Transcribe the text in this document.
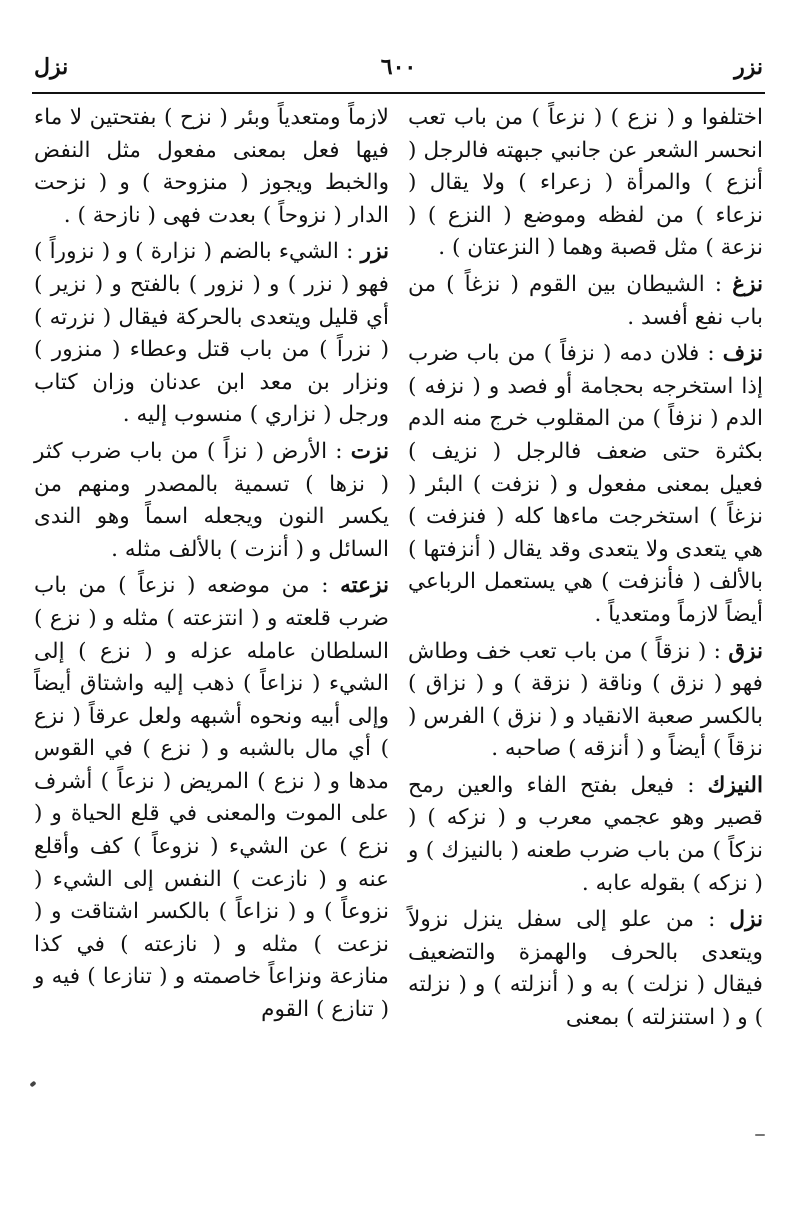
نزر
٦٠٠
نزل

لازماً ومتعدياً وبئر ( نزح ) بفتحتين لا ماء فيها فعل بمعنى مفعول مثل النفض والخبط ويجوز ( منزوحة ) و ( نزحت الدار ( نزوحاً ) بعدت فهى ( نازحة ) .

نزر : الشيء بالضم ( نزارة ) و ( نزوراً ) فهو ( نزر ) و ( نزور ) بالفتح و ( نزير ) أي قليل ويتعدى بالحركة فيقال ( نزرته ) ( نزراً ) من باب قتل وعطاء ( منزور ) ونزار بن معد ابن عدنان وزان كتاب ورجل ( نزاري ) منسوب إليه .

نزت : الأرض ( نزاً ) من باب ضرب كثر ( نزها ) تسمية بالمصدر ومنهم من يكسر النون ويجعله اسماً وهو الندى السائل و ( أنزت ) بالألف مثله .

نزعته : من موضعه ( نزعاً ) من باب ضرب قلعته و ( انتزعته ) مثله و ( نزع ) السلطان عامله عزله و ( نزع ) إلى الشيء ( نزاعاً ) ذهب إليه واشتاق أيضاً وإلى أبيه ونحوه أشبهه ولعل عرقاً ( نزع ) أي مال بالشبه و ( نزع ) في القوس مدها و ( نزع ) المريض ( نزعاً ) أشرف على الموت والمعنى في قلع الحياة و ( نزع ) عن الشيء ( نزوعاً ) كف وأقلع عنه و ( نازعت ) النفس إلى الشيء ( نزوعاً ) و ( نزاعاً ) بالكسر اشتاقت و ( نزعت ) مثله و ( نازعته ) في كذا منازعة ونزاعاً خاصمته و ( تنازعا ) فيه و ( تنازع ) القوم

اختلفوا و ( نزع ) ( نزعاً ) من باب تعب انحسر الشعر عن جانبي جبهته فالرجل ( أنزع ) والمرأة ( زعراء ) ولا يقال ( نزعاء ) من لفظه وموضع ( النزع ) ( نزعة ) مثل قصبة وهما ( النزعتان ) .

نزغ : الشيطان بين القوم ( نزغاً ) من باب نفع أفسد .

نزف : فلان دمه ( نزفاً ) من باب ضرب إذا استخرجه بحجامة أو فصد و ( نزفه ) الدم ( نزفاً ) من المقلوب خرج منه الدم بكثرة حتى ضعف فالرجل ( نزيف ) فعيل بمعنى مفعول و ( نزفت ) البئر ( نزغاً ) استخرجت ماءها كله ( فنزفت ) هي يتعدى ولا يتعدى وقد يقال ( أنزفتها ) بالألف ( فأنزفت ) هي يستعمل الرباعي أيضاً لازماً ومتعدياً .

نزق : ( نزقاً ) من باب تعب خف وطاش فهو ( نزق ) وناقة ( نزقة ) و ( نزاق ) بالكسر صعبة الانقياد و ( نزق ) الفرس ( نزقاً ) أيضاً و ( أنزقه ) صاحبه .

النيزك : فيعل بفتح الفاء والعين رمح قصير وهو عجمي معرب و ( نزكه ) ( نزكاً ) من باب ضرب طعنه ( بالنيزك ) و ( نزكه ) بقوله عابه .

نزل : من علو إلى سفل ينزل نزولاً ويتعدى بالحرف والهمزة والتضعيف فيقال ( نزلت ) به و ( أنزلته ) و ( نزلته ) و ( استنزلته ) بمعنى
